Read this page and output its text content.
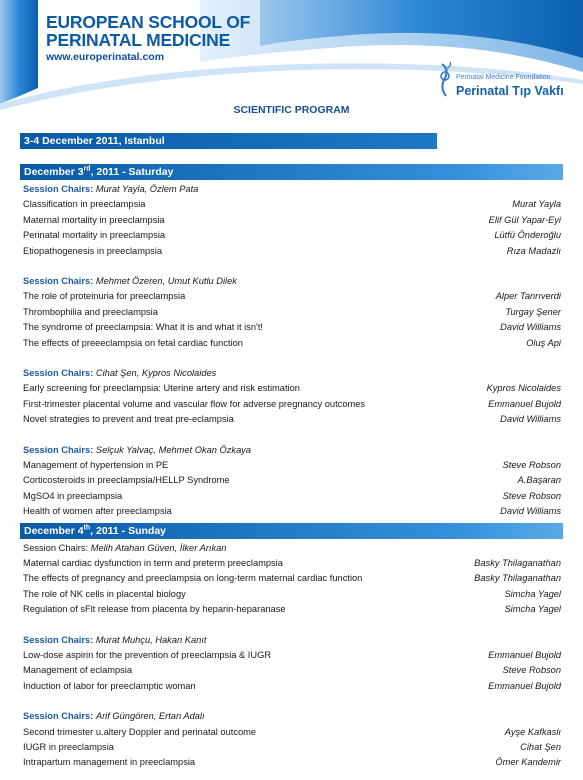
EUROPEAN SCHOOL OF
PERINATAL MEDICINE
www.europerinatal.com
Perinatal Medicine Foundation
Perinatal Tıp Vakfı
SCIENTIFIC PROGRAM
3-4 December 2011, Istanbul
December 3rd, 2011 - Saturday
Session Chairs: Murat Yayla, Özlem Pata
Classification in preeclampsia	Murat Yayla
Maternal mortality in preeclampsia	Elif Gül Yapar-Eyi
Perinatal mortality in preeclampsia	Lütfü Önderoğlu
Etiopathogenesis in preeclampsia	Rıza Madazlı
Session Chairs: Mehmet Özeren, Umut Kutlu Dilek
The role of proteinuria for preeclampsia	Alper Tanrıverdi
Thrombophilia and preeclampsia	Turgay Şener
The syndrome of preeclampsia: What it is and what it isn't!	David Williams
The effects of preeeclampsia on fetal cardiac function	Oluş Api
Session Chairs: Cihat Şen, Kypros Nicolaides
Early screening for preeclampsia: Uterine artery and risk estimation	Kypros Nicolaides
First-trimester placental volume and vascular flow for adverse pregnancy outcomes	Emmanuel Bujold
Novel strategies to prevent and treat pre-eclampsia	David Williams
Session Chairs: Selçuk Yalvaç, Mehmet Okan Özkaya
Management of hypertension in PE	Steve Robson
Corticosteroids in preeclampsia/HELLP Syndrome	A.Başaran
MgSO4 in preeclampsia	Steve Robson
Health of women after preeclampsia	David Williams
December 4th, 2011 - Sunday
Session Chairs: Melih Atahan Güven, İlker Arıkan
Maternal cardiac dysfunction in term and preterm preeclampsia	Basky Thilaganathan
The effects of pregnancy and preeclampsia on long-term maternal cardiac function	Basky Thilaganathan
The role of NK cells in placental biology	Simcha Yagel
Regulation of sFlt release from placenta by heparin-heparanase	Simcha Yagel
Session Chairs: Murat Muhçu, Hakan Kanıt
Low-dose aspirin for the prevention of preeclampsia & IUGR	Emmanuel Bujold
Management of eclampsia	Steve Robson
Induction of labor for preeclamptic woman	Emmanuel Bujold
Session Chairs: Arif Güngören, Ertan Adalı
Second trimester u.altery Doppler and perinatal outcome	Ayşe Kafkaslı
IUGR in preeclampsia	Cihat Şen
Intrapartum management in preeclampsia	Ömer Kandemir
